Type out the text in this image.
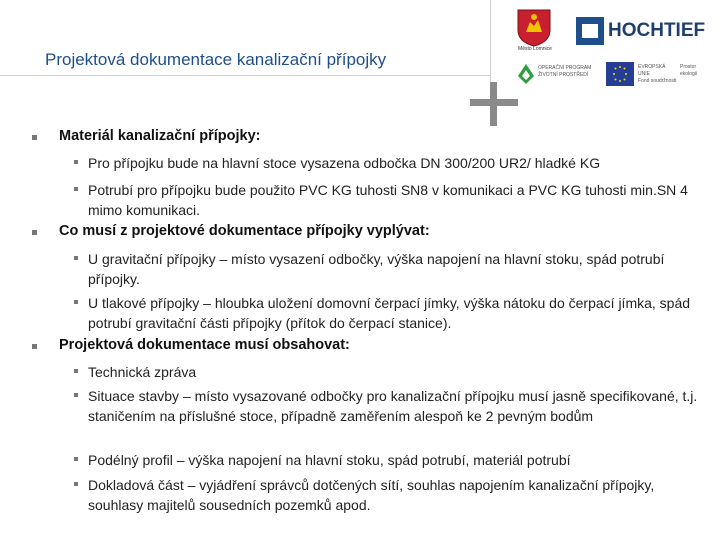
Projektová dokumentace kanalizační přípojky
Město Lomnice
HOCHTIEF
OPERAČNÍ PROGRAM
ŽIVOTNÍ PROSTŘEDÍ
EVROPSKÁ UNIE
Fond soudržnosti
Prostor
ekologii
Materiál kanalizační přípojky:
Pro přípojku bude na hlavní stoce vysazena odbočka DN 300/200 UR2/ hladké KG
Potrubí pro přípojku bude použito PVC KG tuhosti SN8 v komunikaci a PVC KG tuhosti min.SN 4 mimo komunikaci.
Co musí z projektové dokumentace přípojky vyplývat:
U gravitační přípojky – místo vysazení odbočky, výška napojení na hlavní stoku, spád potrubí přípojky.
U tlakové přípojky – hloubka uložení domovní čerpací jímky, výška nátoku do čerpací jímka, spád potrubí gravitační části přípojky (přítok do čerpací stanice).
Projektová dokumentace musí obsahovat:
Technická zpráva
Situace stavby – místo vysazované odbočky pro kanalizační přípojku musí jasně specifikované, t.j. staničením na příslušné stoce, případně zaměřením alespoň ke 2 pevným bodům
Podélný profil – výška napojení na hlavní stoku, spád potrubí, materiál potrubí
Dokladová část – vyjádření správců dotčených sítí, souhlas napojením kanalizační přípojky, souhlasy majitelů sousedních pozemků apod.
